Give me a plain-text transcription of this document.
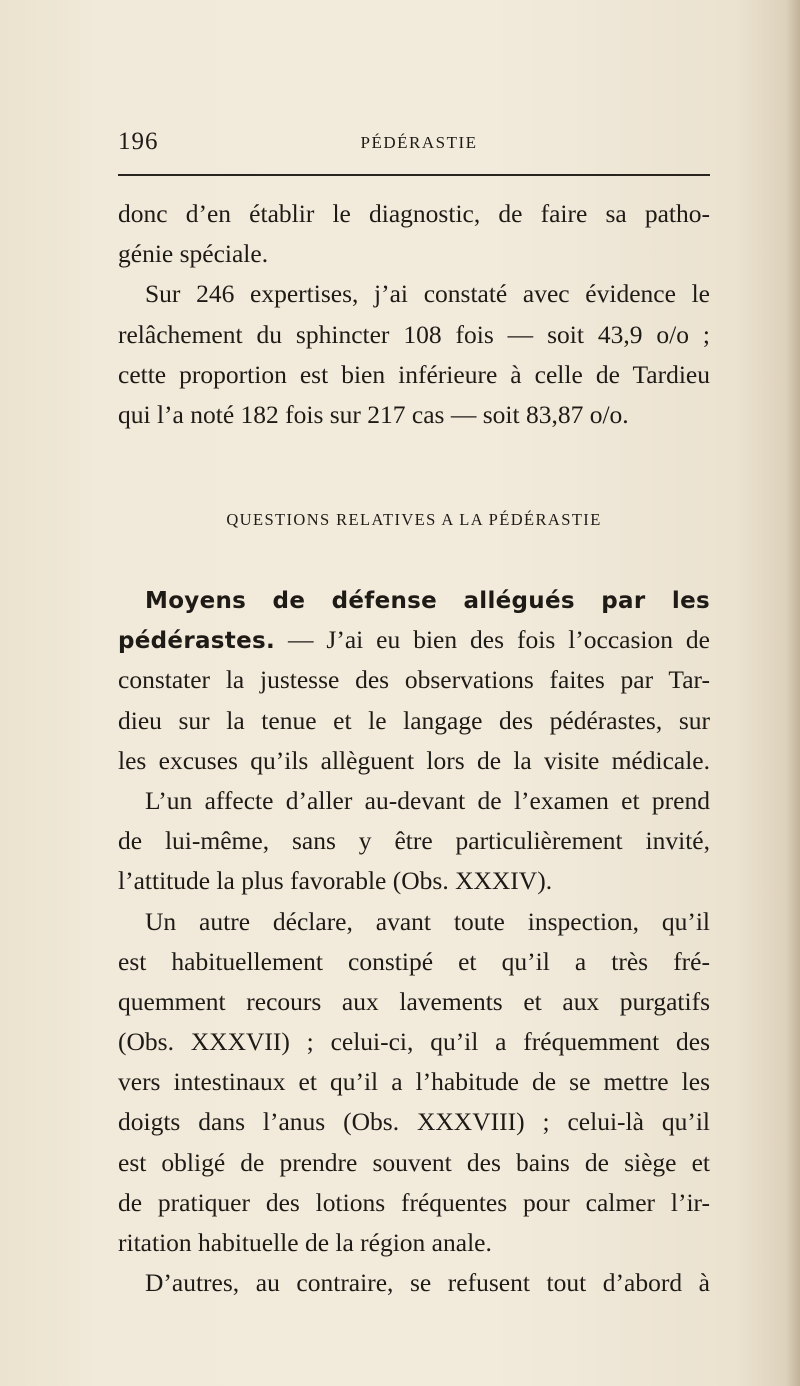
196	PÉDÉRASTIE
donc d’en établir le diagnostic, de faire sa patho-
génie spéciale.
Sur 246 expertises, j’ai constaté avec évidence le
relâchement du sphincter 108 fois — soit 43,9 o/o ;
cette proportion est bien inférieure à celle de Tardieu
qui l’a noté 182 fois sur 217 cas — soit 83,87 o/o.
QUESTIONS RELATIVES A LA PÉDÉRASTIE
Moyens de défense allégués par les
pédérastes. — J’ai eu bien des fois l’occasion de
constater la justesse des observations faites par Tar-
dieu sur la tenue et le langage des pédérastes, sur
les excuses qu’ils allèguent lors de la visite médicale.
L’un affecte d’aller au-devant de l’examen et prend
de lui-même, sans y être particulièrement invité,
l’attitude la plus favorable (Obs. XXXIV).
Un autre déclare, avant toute inspection, qu’il
est habituellement constipé et qu’il a très fré-
quemment recours aux lavements et aux purgatifs
(Obs. XXXVII) ; celui-ci, qu’il a fréquemment des
vers intestinaux et qu’il a l’habitude de se mettre les
doigts dans l’anus (Obs. XXXVIII) ; celui-là qu’il
est obligé de prendre souvent des bains de siège et
de pratiquer des lotions fréquentes pour calmer l’ir-
ritation habituelle de la région anale.
D’autres, au contraire, se refusent tout d’abord à
